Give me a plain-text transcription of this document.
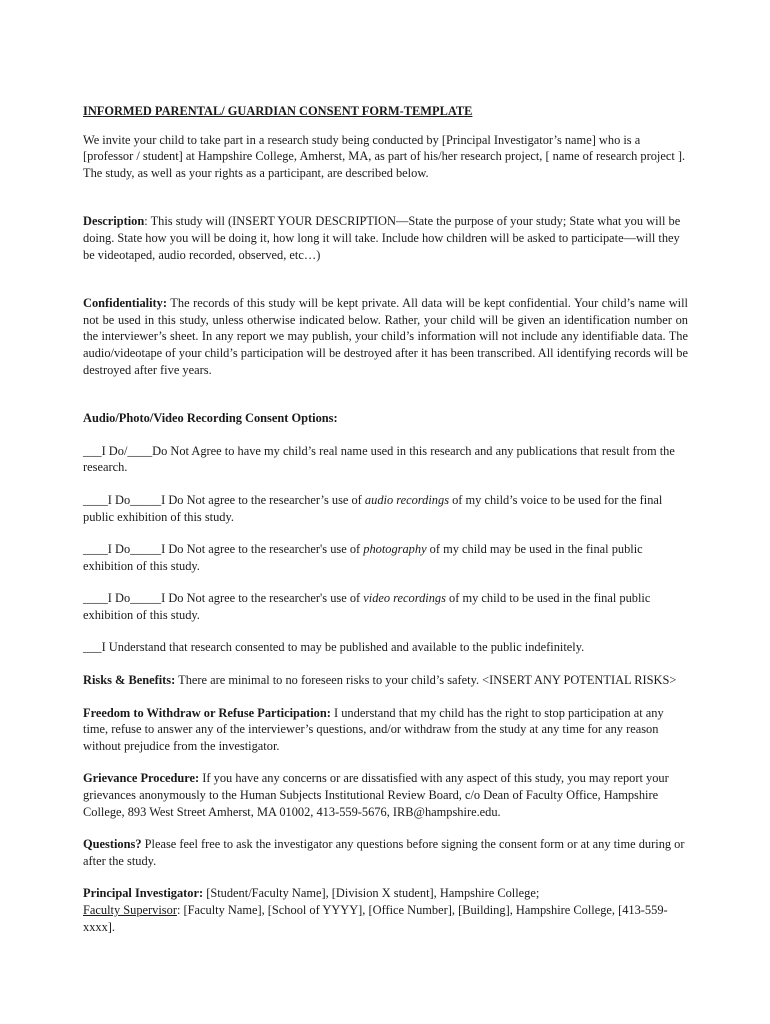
INFORMED PARENTAL/ GUARDIAN CONSENT FORM-TEMPLATE

We invite your child to take part in a research study being conducted by [Principal Investigator’s name] who is a [professor / student] at Hampshire College, Amherst, MA, as part of his/her research project, [ name of research project ]. The study, as well as your rights as a participant, are described below.

Description: This study will (INSERT YOUR DESCRIPTION—State the purpose of your study; State what you will be doing. State how you will be doing it, how long it will take. Include how children will be asked to participate—will they be videotaped, audio recorded, observed, etc…)

Confidentiality: The records of this study will be kept private. All data will be kept confidential. Your child’s name will not be used in this study, unless otherwise indicated below. Rather, your child will be given an identification number on the interviewer’s sheet. In any report we may publish, your child’s information will not include any identifiable data. The audio/videotape of your child’s participation will be destroyed after it has been transcribed. All identifying records will be destroyed after five years.

Audio/Photo/Video Recording Consent Options:

___I Do/____Do Not Agree to have my child’s real name used in this research and any publications that result from the research.

____I Do_____I Do Not agree to the researcher’s use of audio recordings of my child’s voice to be used for the final public exhibition of this study.

____I Do_____I Do Not agree to the researcher's use of photography of my child may be used in the final public exhibition of this study.

____I Do_____I Do Not agree to the researcher's use of video recordings of my child to be used in the final public exhibition of this study.

___I Understand that research consented to may be published and available to the public indefinitely.

Risks & Benefits: There are minimal to no foreseen risks to your child’s safety. <INSERT ANY POTENTIAL RISKS>

Freedom to Withdraw or Refuse Participation: I understand that my child has the right to stop participation at any time, refuse to answer any of the interviewer’s questions, and/or withdraw from the study at any time for any reason without prejudice from the investigator.

Grievance Procedure: If you have any concerns or are dissatisfied with any aspect of this study, you may report your grievances anonymously to the Human Subjects Institutional Review Board, c/o Dean of Faculty Office, Hampshire College, 893 West Street Amherst, MA 01002, 413-559-5676, IRB@hampshire.edu.

Questions? Please feel free to ask the investigator any questions before signing the consent form or at any time during or after the study.

Principal Investigator: [Student/Faculty Name], [Division X student], Hampshire College;

Faculty Supervisor: [Faculty Name], [School of YYYY], [Office Number], [Building], Hampshire College, [413-559-xxxx].
